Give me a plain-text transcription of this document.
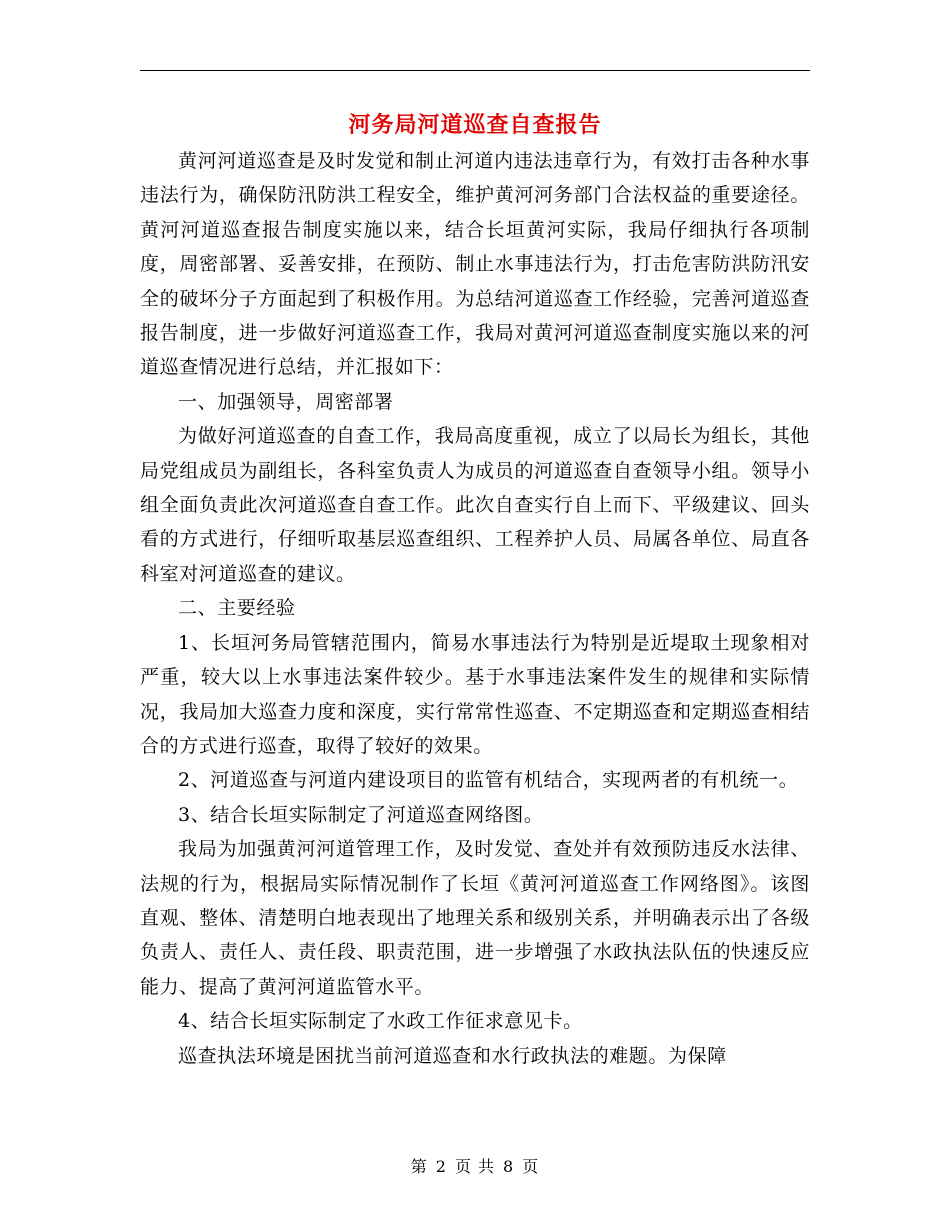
河务局河道巡查自查报告

黄河河道巡查是及时发觉和制止河道内违法违章行为，有效打击各种水事违法行为，确保防汛防洪工程安全，维护黄河河务部门合法权益的重要途径。黄河河道巡查报告制度实施以来，结合长垣黄河实际，我局仔细执行各项制度，周密部署、妥善安排，在预防、制止水事违法行为，打击危害防洪防汛安全的破坏分子方面起到了积极作用。为总结河道巡查工作经验，完善河道巡查报告制度，进一步做好河道巡查工作，我局对黄河河道巡查制度实施以来的河道巡查情况进行总结，并汇报如下：

一、加强领导，周密部署

为做好河道巡查的自查工作，我局高度重视，成立了以局长为组长，其他局党组成员为副组长，各科室负责人为成员的河道巡查自查领导小组。领导小组全面负责此次河道巡查自查工作。此次自查实行自上而下、平级建议、回头看的方式进行，仔细听取基层巡查组织、工程养护人员、局属各单位、局直各科室对河道巡查的建议。

二、主要经验

1、长垣河务局管辖范围内，简易水事违法行为特别是近堤取土现象相对严重，较大以上水事违法案件较少。基于水事违法案件发生的规律和实际情况，我局加大巡查力度和深度，实行常常性巡查、不定期巡查和定期巡查相结合的方式进行巡查，取得了较好的效果。

2、河道巡查与河道内建设项目的监管有机结合，实现两者的有机统一。

3、结合长垣实际制定了河道巡查网络图。

我局为加强黄河河道管理工作，及时发觉、查处并有效预防违反水法律、法规的行为，根据局实际情况制作了长垣《黄河河道巡查工作网络图》。该图直观、整体、清楚明白地表现出了地理关系和级别关系，并明确表示出了各级负责人、责任人、责任段、职责范围，进一步增强了水政执法队伍的快速反应能力、提高了黄河河道监管水平。

4、结合长垣实际制定了水政工作征求意见卡。

巡查执法环境是困扰当前河道巡查和水行政执法的难题。为保障

第 2 页 共 8 页
